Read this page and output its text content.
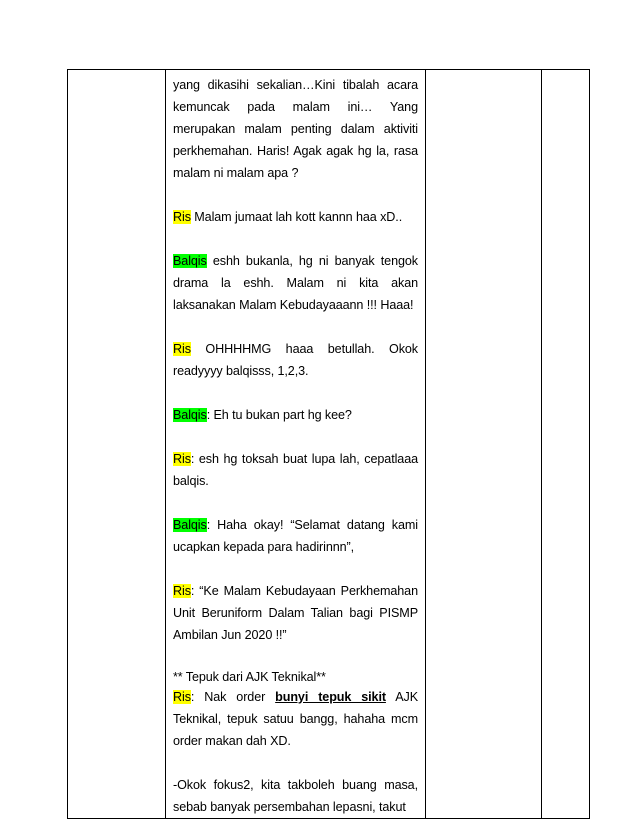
yang dikasihi sekalian…Kini tibalah acara kemuncak pada malam ini… Yang merupakan malam penting dalam aktiviti perkhemahan. Haris! Agak agak hg la, rasa malam ni malam apa ?

Ris Malam jumaat lah kott kannn haa xD..

Balqis eshh bukanla, hg ni banyak tengok drama la eshh. Malam ni kita akan laksanakan Malam Kebudayaaann !!! Haaa!

Ris OHHHHMG haaa betullah. Okok readyyyy balqisss, 1,2,3.

Balqis: Eh tu bukan part hg kee?

Ris: esh hg toksah buat lupa lah, cepatlaaa balqis.

Balqis: Haha okay! “Selamat datang kami ucapkan kepada para hadirinnn”,

Ris: “Ke Malam Kebudayaan Perkhemahan Unit Beruniform Dalam Talian bagi PISMP Ambilan Jun 2020 !!”

** Tepuk dari AJK Teknikal**

Ris: Nak order bunyi tepuk sikit AJK Teknikal, tepuk satuu bangg, hahaha mcm order makan dah XD.

-Okok fokus2, kita takboleh buang masa, sebab banyak persembahan lepasni, takut
